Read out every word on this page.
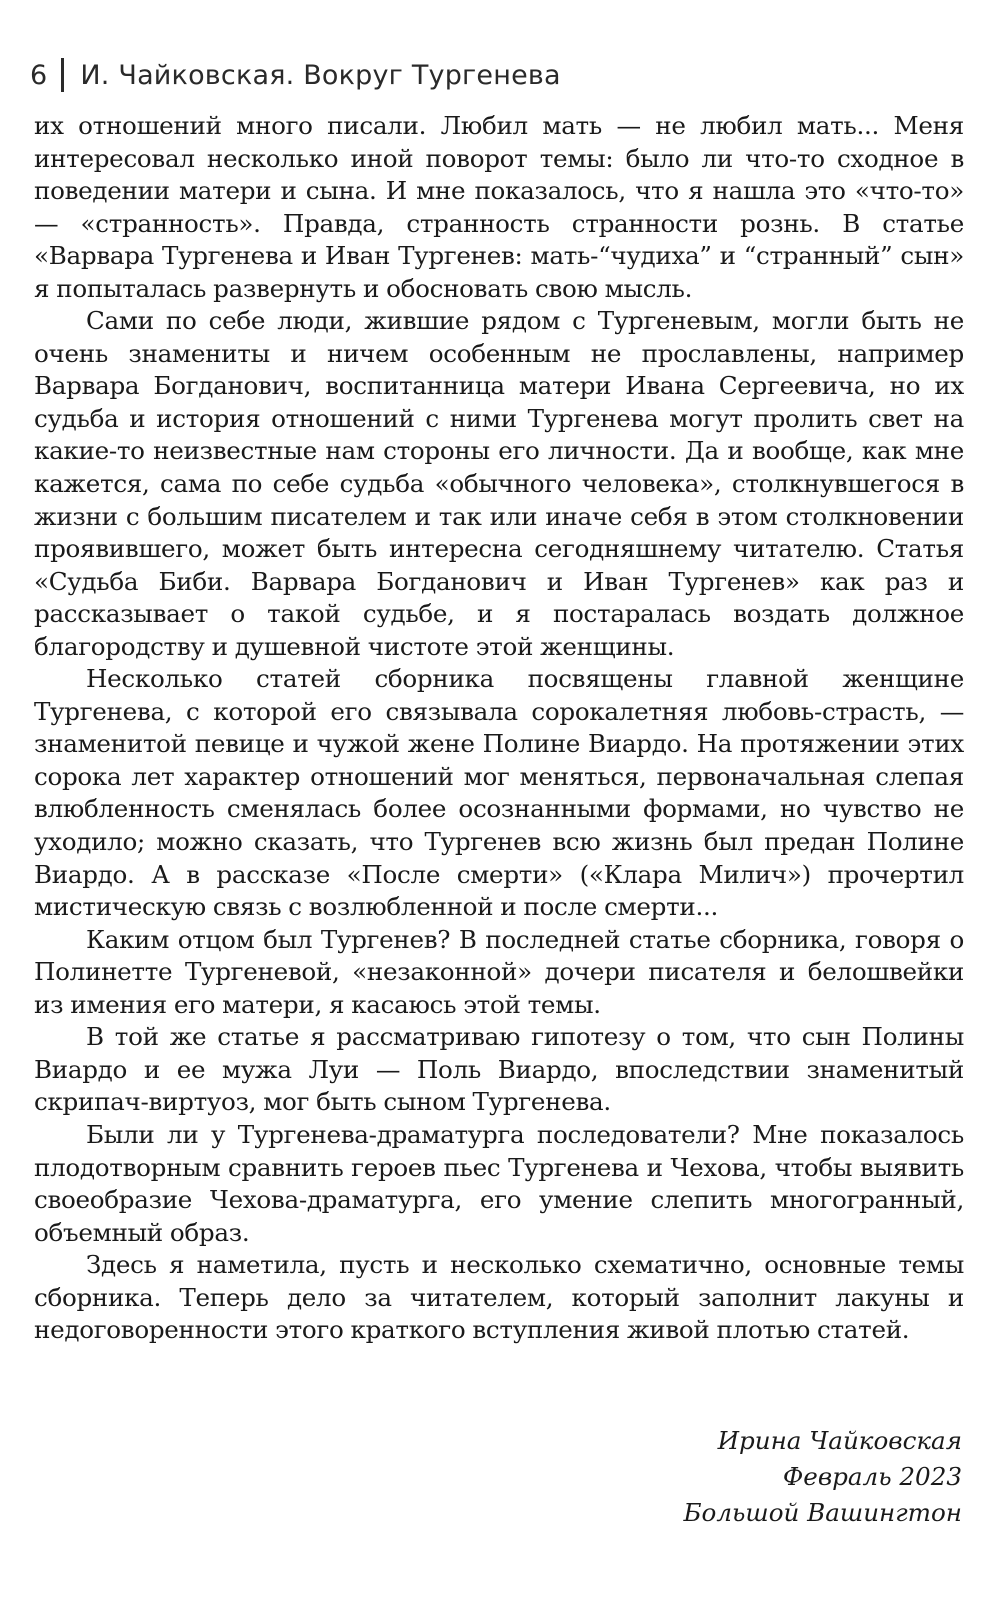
6 И. Чайковская. Вокруг Тургенева

их отношений много писали. Любил мать — не любил мать... Меня интересовал несколько иной поворот темы: было ли что-то сходное в поведении матери и сына. И мне показалось, что я нашла это «что-то» — «странность». Правда, странность странности рознь. В статье «Варвара Тургенева и Иван Тургенев: мать-“чудиха” и “странный” сын» я попыталась развернуть и обосновать свою мысль.

Сами по себе люди, жившие рядом с Тургеневым, могли быть не очень знамениты и ничем особенным не прославлены, например Варвара Богданович, воспитанница матери Ивана Сергеевича, но их судьба и история отношений с ними Тургенева могут пролить свет на какие-то неизвестные нам стороны его личности. Да и вообще, как мне кажется, сама по себе судьба «обычного человека», столкнувшегося в жизни с большим писателем и так или иначе себя в этом столкновении проявившего, может быть интересна сегодняшнему читателю. Статья «Судьба Биби. Варвара Богданович и Иван Тургенев» как раз и рассказывает о такой судьбе, и я постаралась воздать должное благородству и душевной чистоте этой женщины.

Несколько статей сборника посвящены главной женщине Тургенева, с которой его связывала сорокалетняя любовь-страсть, — знаменитой певице и чужой жене Полине Виардо. На протяжении этих сорока лет характер отношений мог меняться, первоначальная слепая влюбленность сменялась более осознанными формами, но чувство не уходило; можно сказать, что Тургенев всю жизнь был предан Полине Виардо. А в рассказе «После смерти» («Клара Милич») прочертил мистическую связь с возлюбленной и после смерти...

Каким отцом был Тургенев? В последней статье сборника, говоря о Полинетте Тургеневой, «незаконной» дочери писателя и белошвейки из имения его матери, я касаюсь этой темы.

В той же статье я рассматриваю гипотезу о том, что сын Полины Виардо и ее мужа Луи — Поль Виардо, впоследствии знаменитый скрипач-виртуоз, мог быть сыном Тургенева.

Были ли у Тургенева-драматурга последователи? Мне показалось плодотворным сравнить героев пьес Тургенева и Чехова, чтобы выявить своеобразие Чехова-драматурга, его умение слепить многогранный, объемный образ.

Здесь я наметила, пусть и несколько схематично, основные темы сборника. Теперь дело за читателем, который заполнит лакуны и недоговоренности этого краткого вступления живой плотью статей.

Ирина Чайковская
Февраль 2023
Большой Вашингтон
